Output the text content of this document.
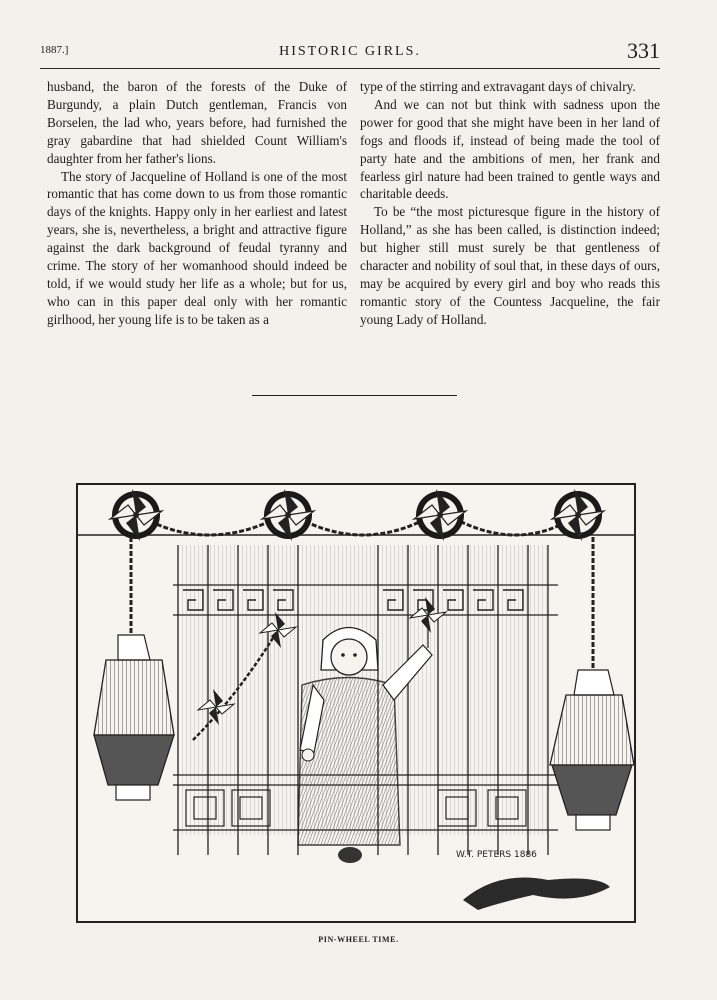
1887.]	HISTORIC GIRLS.	331

husband, the baron of the forests of the Duke of Burgundy, a plain Dutch gentleman, Francis von Borselen, the lad who, years before, had furnished the gray gabardine that had shielded Count William's daughter from her father's lions.

The story of Jacqueline of Holland is one of the most romantic that has come down to us from those romantic days of the knights. Happy only in her earliest and latest years, she is, nevertheless, a bright and attractive figure against the dark background of feudal tyranny and crime. The story of her womanhood should indeed be told, if we would study her life as a whole; but for us, who can in this paper deal only with her romantic girlhood, her young life is to be taken as a

type of the stirring and extravagant days of chivalry.

And we can not but think with sadness upon the power for good that she might have been in her land of fogs and floods if, instead of being made the tool of party hate and the ambitions of men, her frank and fearless girl nature had been trained to gentle ways and charitable deeds.

To be “the most picturesque figure in the history of Holland,” as she has been called, is distinction indeed; but higher still must surely be that gentleness of character and nobility of soul that, in these days of ours, may be acquired by every girl and boy who reads this romantic story of the Countess Jacqueline, the fair young Lady of Holland.

W.T. PETERS 1886
PIN-WHEEL TIME.
